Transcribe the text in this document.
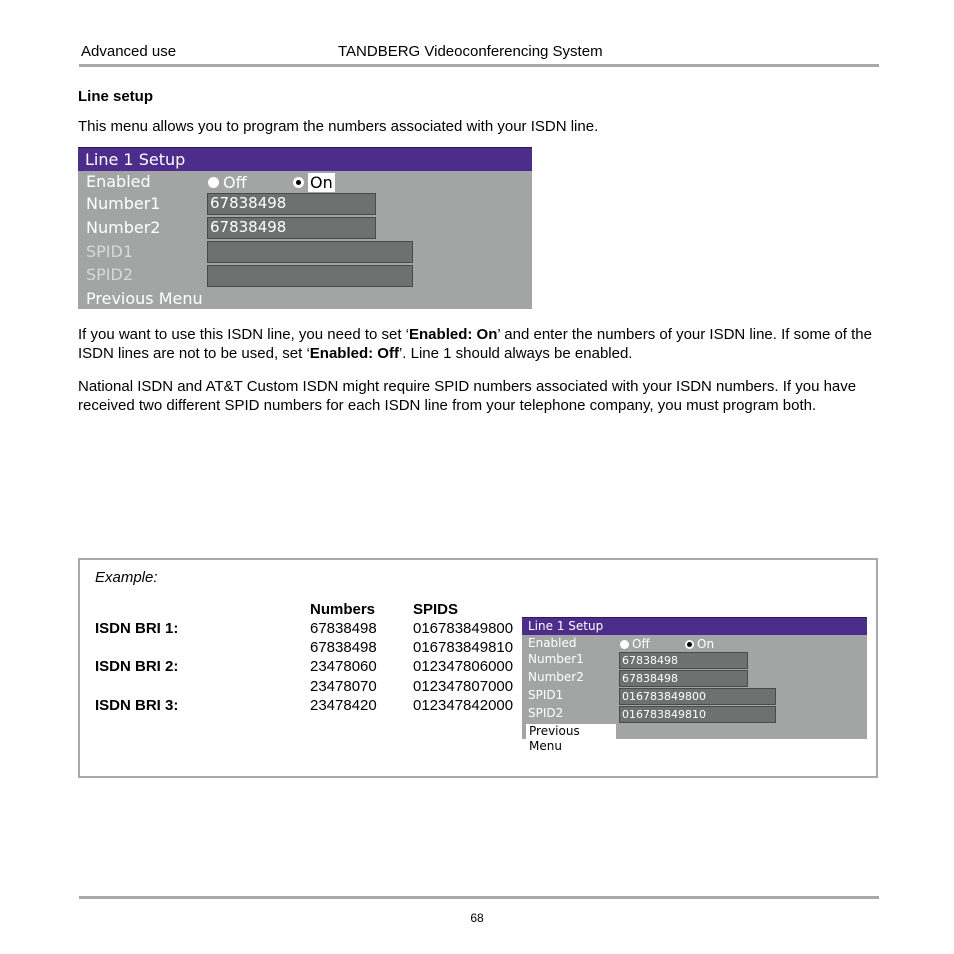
Advanced use	TANDBERG Videoconferencing System
Line setup
This menu allows you to program the numbers associated with your ISDN line.
Line 1 Setup
Enabled	Off	On
Number1	67838498
Number2	67838498
SPID1
SPID2
Previous Menu
If you want to use this ISDN line, you need to set ‘Enabled: On’ and enter the numbers of your ISDN line. If some of the ISDN lines are not to be used, set ‘Enabled: Off’. Line 1 should always be enabled.
National ISDN and AT&T Custom ISDN might require SPID numbers associated with your ISDN numbers. If you have received two different SPID numbers for each ISDN line from your telephone company, you must program both.
Example:
Numbers	SPIDS
ISDN BRI 1:	67838498 016783849800
67838498 016783849810
ISDN BRI 2:	23478060 012347806000
23478070 012347807000
ISDN BRI 3:	23478420 012347842000
Line 1 Setup
Enabled	Off	On
Number1	67838498
Number2	67838498
SPID1	016783849800
SPID2	016783849810
Previous Menu
68
